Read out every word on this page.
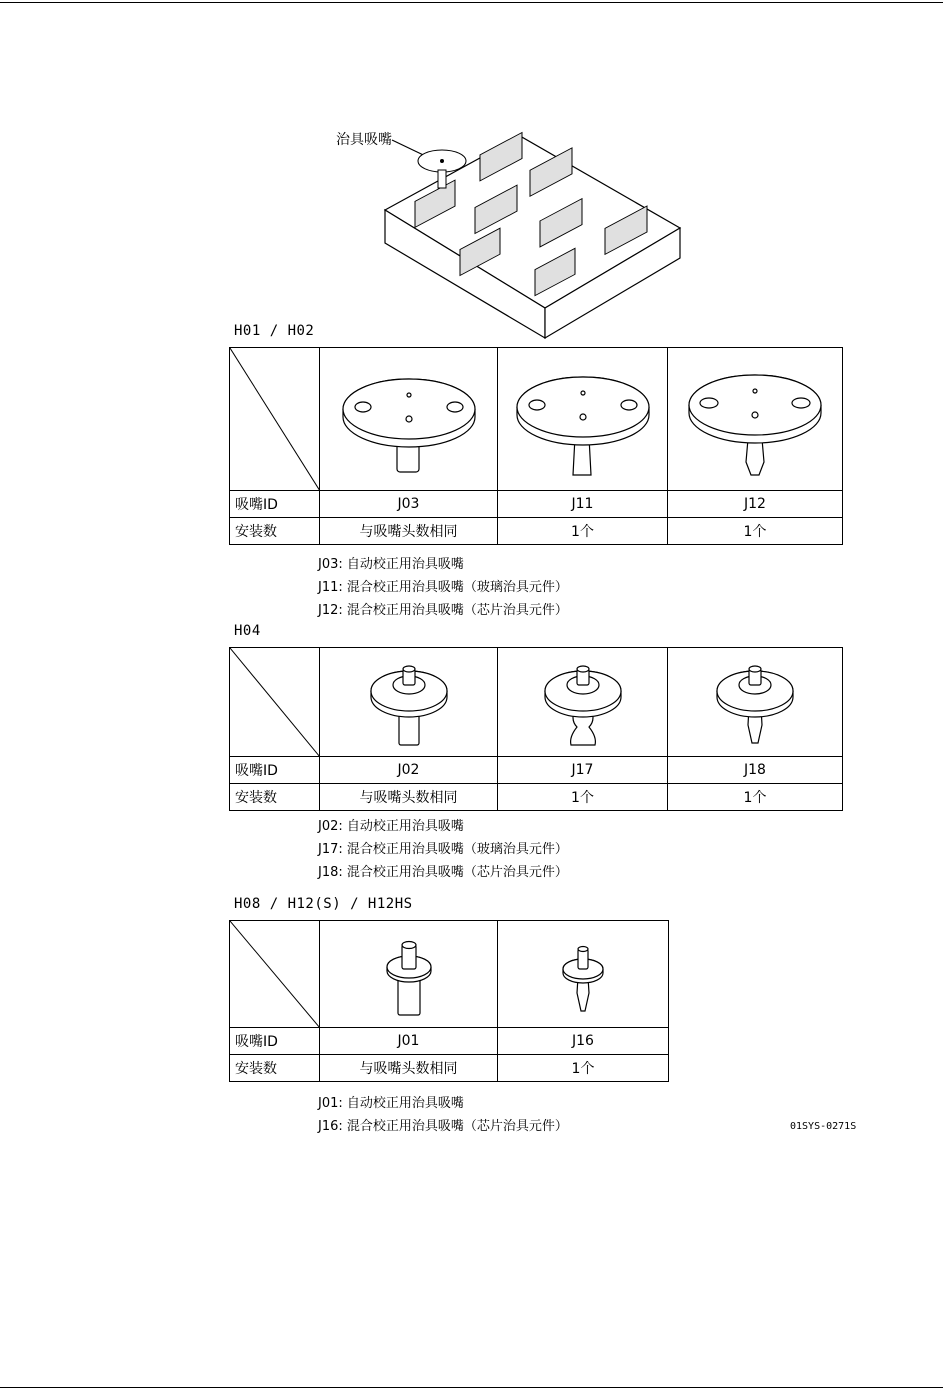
治具吸嘴
H01 / H02

吸嘴ID	J03	J11	J12
安装数	与吸嘴头数相同	1个	1个
J03: 自动校正用治具吸嘴
J11: 混合校正用治具吸嘴（玻璃治具元件）
J12: 混合校正用治具吸嘴（芯片治具元件）
H04

吸嘴ID	J02	J17	J18
安装数	与吸嘴头数相同	1个	1个
J02: 自动校正用治具吸嘴
J17: 混合校正用治具吸嘴（玻璃治具元件）
J18: 混合校正用治具吸嘴（芯片治具元件）
H08 / H12(S) / H12HS

吸嘴ID	J01	J16
安装数	与吸嘴头数相同	1个
J01: 自动校正用治具吸嘴
J16: 混合校正用治具吸嘴（芯片治具元件）	01SYS-0271S
